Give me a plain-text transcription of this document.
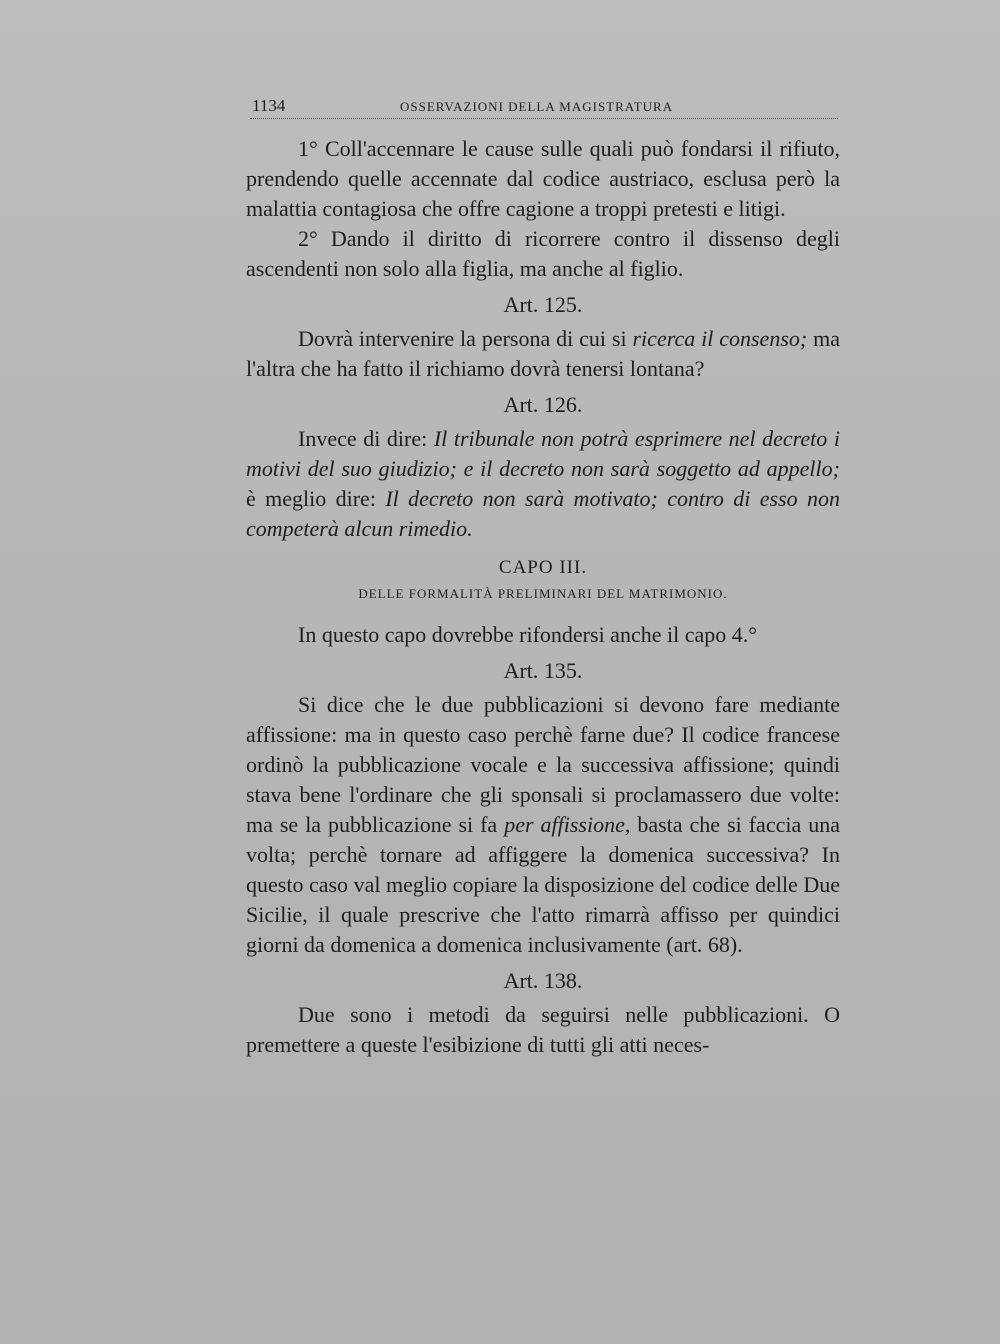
1134	OSSERVAZIONI DELLA MAGISTRATURA

1° Coll'accennare le cause sulle quali può fondarsi il rifiuto, prendendo quelle accennate dal codice austriaco, esclusa però la malattia contagiosa che offre cagione a troppi pretesti e litigi.

2° Dando il diritto di ricorrere contro il dissenso degli ascendenti non solo alla figlia, ma anche al figlio.

Art. 125.

Dovrà intervenire la persona di cui si ricerca il consenso; ma l'altra che ha fatto il richiamo dovrà tenersi lontana?

Art. 126.

Invece di dire: Il tribunale non potrà esprimere nel decreto i motivi del suo giudizio; e il decreto non sarà soggetto ad appello; è meglio dire: Il decreto non sarà motivato; contro di esso non competerà alcun rimedio.

CAPO III.
DELLE FORMALITÀ PRELIMINARI DEL MATRIMONIO.

In questo capo dovrebbe rifondersi anche il capo 4.°

Art. 135.

Si dice che le due pubblicazioni si devono fare mediante affissione: ma in questo caso perchè farne due? Il codice francese ordinò la pubblicazione vocale e la successiva affissione; quindi stava bene l'ordinare che gli sponsali si proclamassero due volte: ma se la pubblicazione si fa per affissione, basta che si faccia una volta; perchè tornare ad affiggere la domenica successiva? In questo caso val meglio copiare la disposizione del codice delle Due Sicilie, il quale prescrive che l'atto rimarrà affisso per quindici giorni da domenica a domenica inclusivamente (art. 68).

Art. 138.

Due sono i metodi da seguirsi nelle pubblicazioni. O premettere a queste l'esibizione di tutti gli atti neces-
